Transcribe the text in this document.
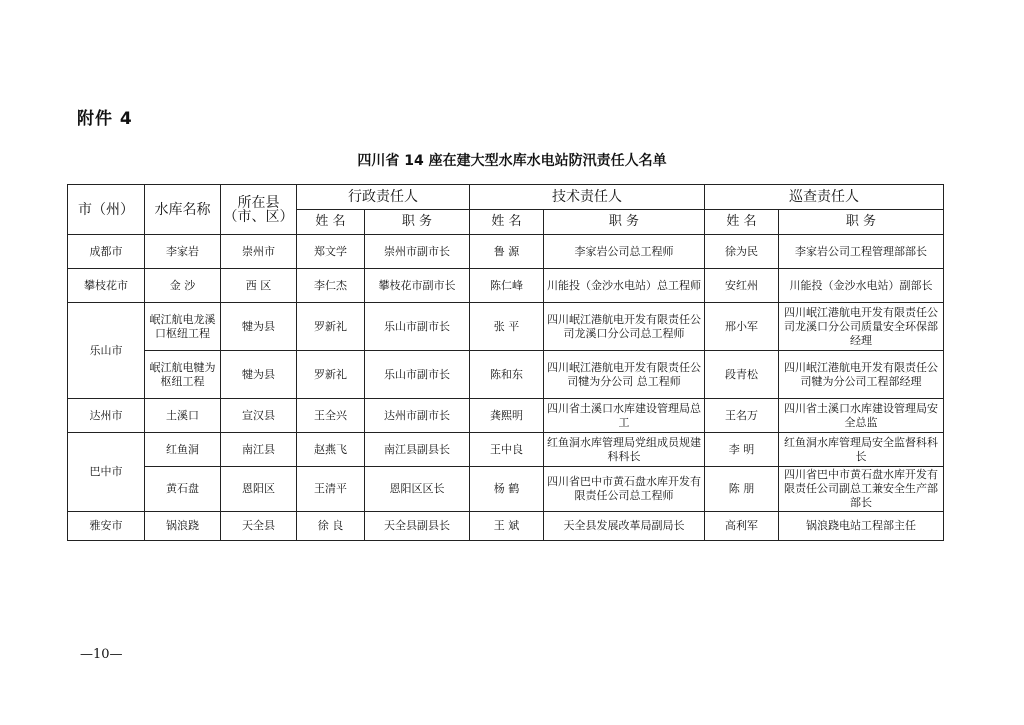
附件 4
四川省 14 座在建大型水库水电站防汛责任人名单
市（州）	水库名称	所在县（市、区）	行政责任人		技术责任人		巡查责任人	
			姓 名	职 务	姓 名	职 务	姓 名	职 务
成都市	李家岩	崇州市	郑文学	崇州市副市长	鲁 源	李家岩公司总工程师	徐为民	李家岩公司工程管理部部长
攀枝花市	金 沙	西 区	李仁杰	攀枝花市副市长	陈仁峰	川能投（金沙水电站）总工程师	安红州	川能投（金沙水电站）副部长
乐山市	岷江航电龙溪口枢纽工程	犍为县	罗新礼	乐山市副市长	张 平	四川岷江港航电开发有限责任公司龙溪口分公司总工程师	邢小军	四川岷江港航电开发有限责任公司龙溪口分公司质量安全环保部经理
	岷江航电犍为枢纽工程	犍为县	罗新礼	乐山市副市长	陈和东	四川岷江港航电开发有限责任公司犍为分公司 总工程师	段青松	四川岷江港航电开发有限责任公司犍为分公司工程部经理
达州市	土溪口	宣汉县	王全兴	达州市副市长	龚熙明	四川省土溪口水库建设管理局总工	王名万	四川省土溪口水库建设管理局安全总监
巴中市	红鱼洞	南江县	赵燕飞	南江县副县长	王中良	红鱼洞水库管理局党组成员规建科科长	李 明	红鱼洞水库管理局安全监督科科长
	黄石盘	恩阳区	王清平	恩阳区区长	杨 鹤	四川省巴中市黄石盘水库开发有限责任公司总工程师	陈 朋	四川省巴中市黄石盘水库开发有限责任公司副总工兼安全生产部部长
雅安市	锅浪跷	天全县	徐 良	天全县副县长	王 斌	天全县发展改革局副局长	高利军	锅浪跷电站工程部主任
—10—
